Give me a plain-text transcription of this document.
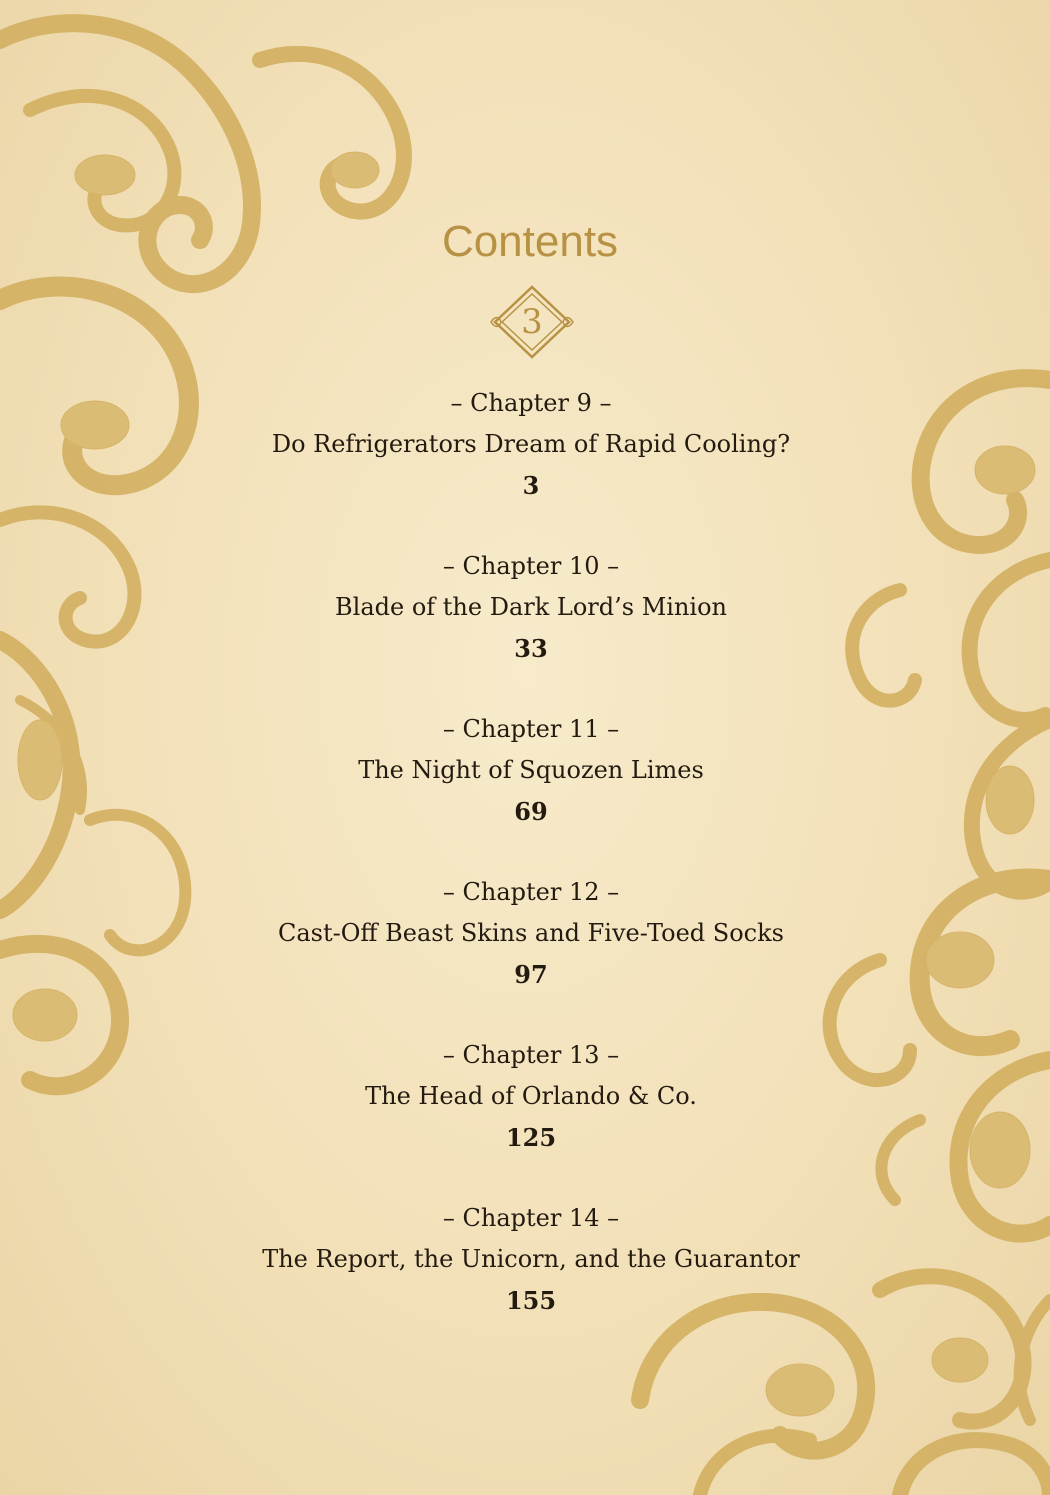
Contents
3
– Chapter 9 –
Do Refrigerators Dream of Rapid Cooling?
3
– Chapter 10 –
Blade of the Dark Lord’s Minion
33
– Chapter 11 –
The Night of Squozen Limes
69
– Chapter 12 –
Cast-Off Beast Skins and Five-Toed Socks
97
– Chapter 13 –
The Head of Orlando & Co.
125
– Chapter 14 –
The Report, the Unicorn, and the Guarantor
155
